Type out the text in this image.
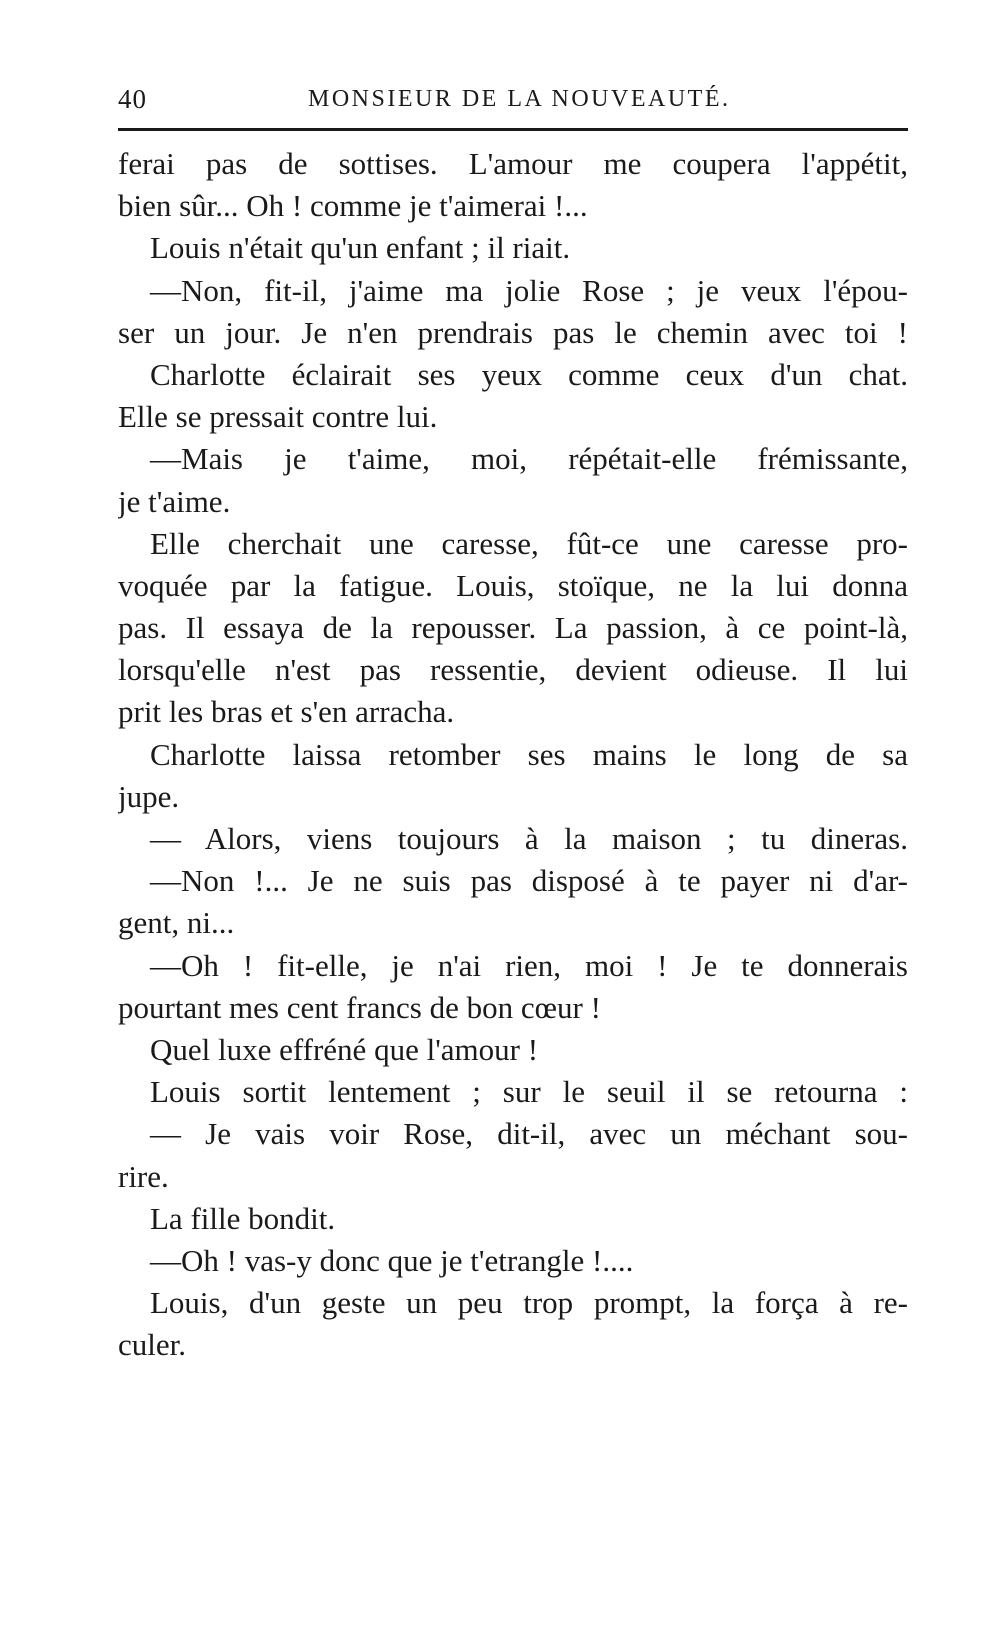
40	MONSIEUR DE LA NOUVEAUTÉ.
ferai pas de sottises. L'amour me coupera l'appétit,
bien sûr... Oh ! comme je t'aimerai !...
Louis n'était qu'un enfant ; il riait.
—Non, fit-il, j'aime ma jolie Rose ; je veux l'épou-
ser un jour. Je n'en prendrais pas le chemin avec toi !
Charlotte éclairait ses yeux comme ceux d'un chat.
Elle se pressait contre lui.
—Mais je t'aime, moi, répétait-elle frémissante,
je t'aime.
Elle cherchait une caresse, fût-ce une caresse pro-
voquée par la fatigue. Louis, stoïque, ne la lui donna
pas. Il essaya de la repousser. La passion, à ce point-là,
lorsqu'elle n'est pas ressentie, devient odieuse. Il lui
prit les bras et s'en arracha.
Charlotte laissa retomber ses mains le long de sa
jupe.
— Alors, viens toujours à la maison ; tu dineras.
—Non !... Je ne suis pas disposé à te payer ni d'ar-
gent, ni...
—Oh ! fit-elle, je n'ai rien, moi ! Je te donnerais
pourtant mes cent francs de bon cœur !
Quel luxe effréné que l'amour !
Louis sortit lentement ; sur le seuil il se retourna :
— Je vais voir Rose, dit-il, avec un méchant sou-
rire.
La fille bondit.
—Oh ! vas-y donc que je t'etrangle !....
Louis, d'un geste un peu trop prompt, la força à re-
culer.
